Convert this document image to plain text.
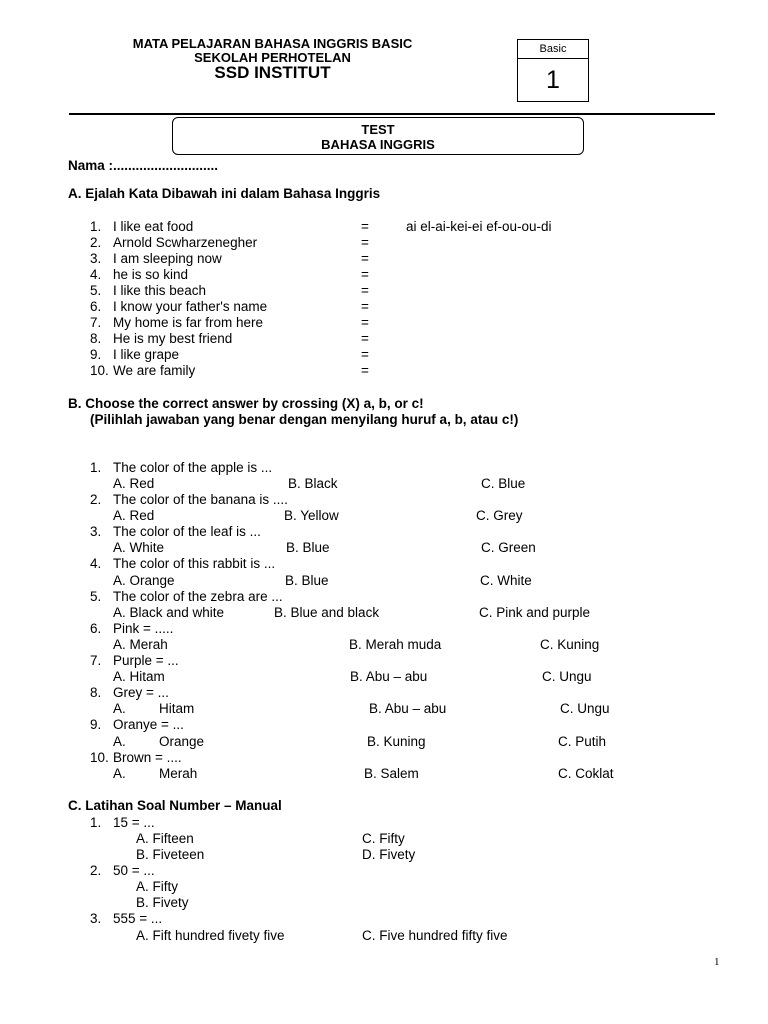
MATA PELAJARAN BAHASA INGGRIS BASIC
SEKOLAH PERHOTELAN
SSD INSTITUT
Basic
1
TEST
BAHASA INGGRIS
Nama :............................
A. Ejalah Kata Dibawah ini dalam Bahasa Inggris
1. I like eat food	=	ai el-ai-kei-ei ef-ou-ou-di
2. Arnold Scwharzenegher	=
3. I am sleeping now	=
4. he is so kind	=
5. I like this beach	=
6. I know your father's name	=
7. My home is far from here	=
8. He is my best friend	=
9. I like grape	=
10. We are family	=
B. Choose the correct answer by crossing (X) a, b, or c!
(Pilihlah jawaban yang benar dengan menyilang huruf a, b, atau c!)
1. The color of the apple is ...
A. Red	B. Black	C. Blue
2. The color of the banana is ....
A. Red	B. Yellow	C. Grey
3. The color of the leaf is ...
A. White	B. Blue	C. Green
4. The color of this rabbit is ...
A. Orange	B. Blue	C. White
5. The color of the zebra are ...
A. Black and white	B. Blue and black	C. Pink and purple
6. Pink = .....
A. Merah	B. Merah muda	C. Kuning
7. Purple = ...
A. Hitam	B. Abu – abu	C. Ungu
8. Grey = ...
A. Hitam	B. Abu – abu	C. Ungu
9. Oranye = ...
A. Orange	B. Kuning	C. Putih
10. Brown = ....
A. Merah	B. Salem	C. Coklat
C. Latihan Soal Number – Manual
1. 15 = ...
A. Fifteen	C. Fifty
B. Fiveteen	D. Fivety
2. 50 = ...
A. Fifty
B. Fivety
3. 555 = ...
A. Fift hundred fivety five	C. Five hundred fifty five
1
